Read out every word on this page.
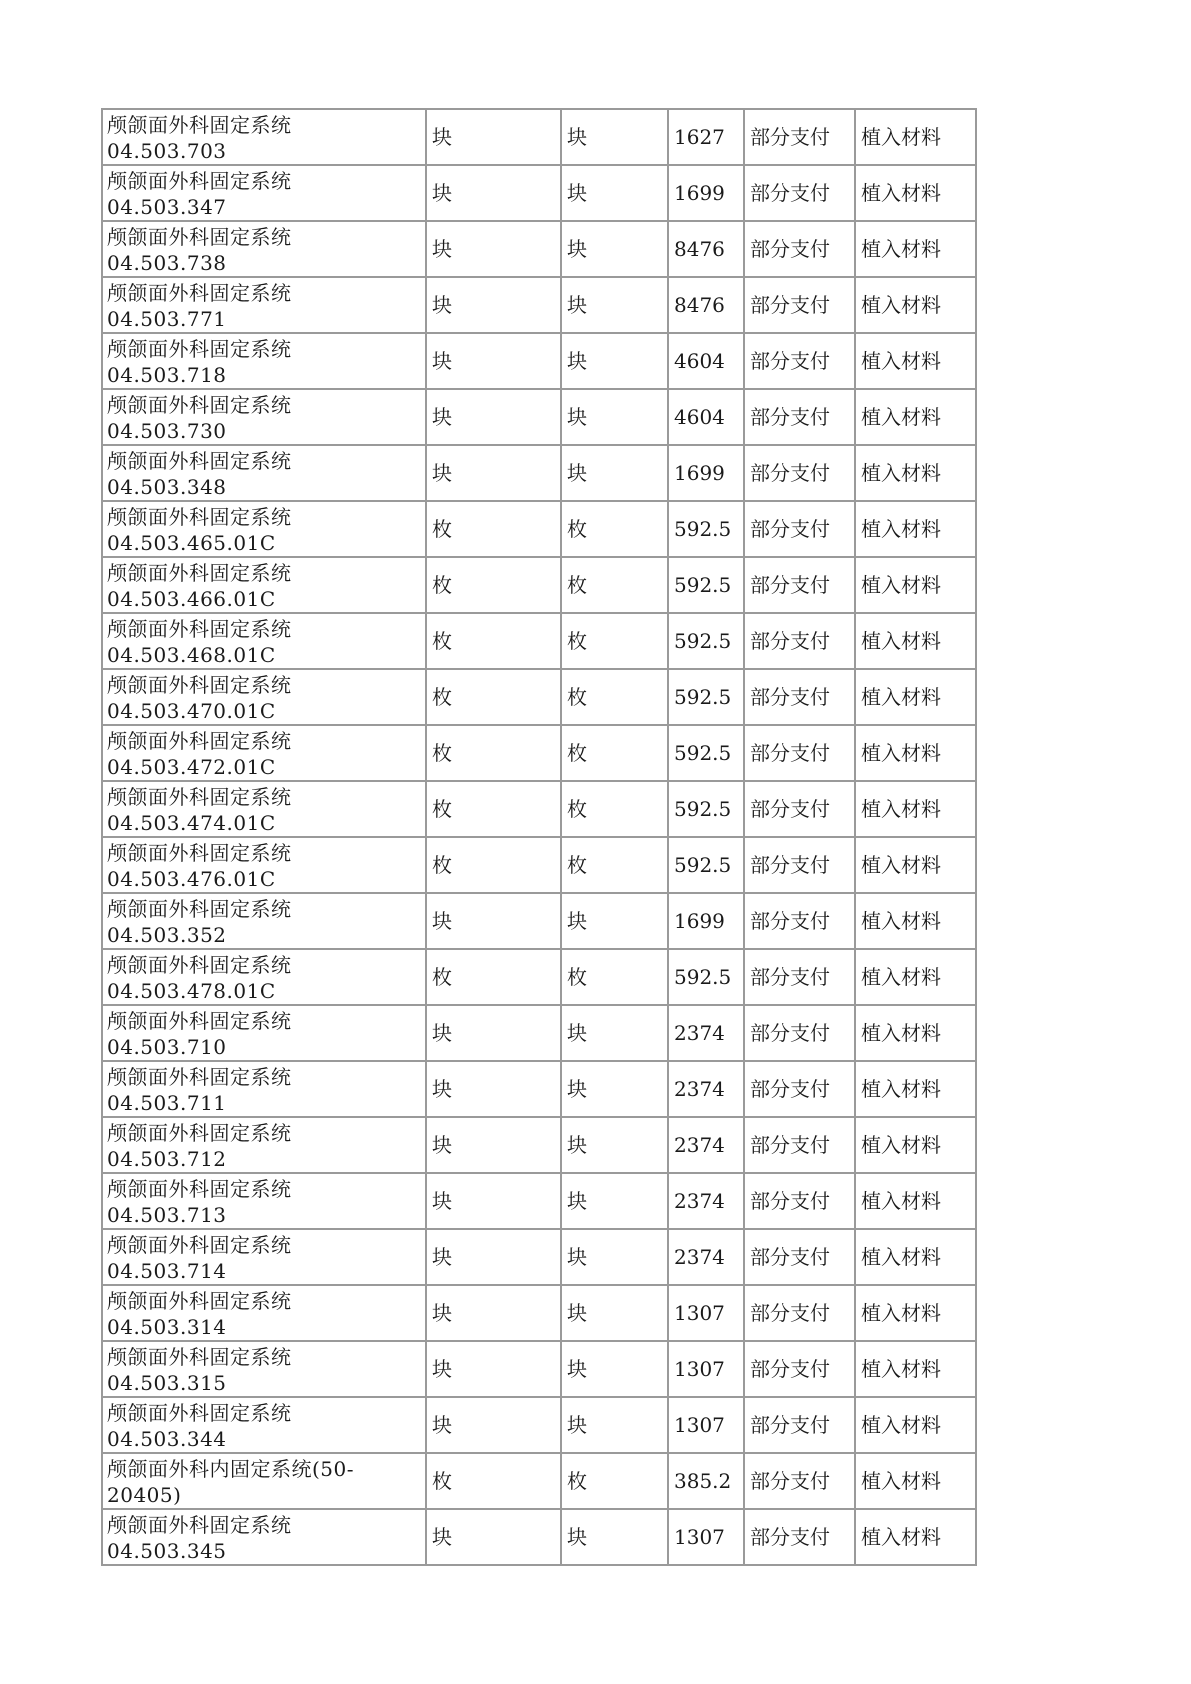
颅颌面外科固定系统
04.503.703	块	块	1627	部分支付	植入材料

颅颌面外科固定系统
04.503.347	块	块	1699	部分支付	植入材料

颅颌面外科固定系统
04.503.738	块	块	8476	部分支付	植入材料

颅颌面外科固定系统
04.503.771	块	块	8476	部分支付	植入材料

颅颌面外科固定系统
04.503.718	块	块	4604	部分支付	植入材料

颅颌面外科固定系统
04.503.730	块	块	4604	部分支付	植入材料

颅颌面外科固定系统
04.503.348	块	块	1699	部分支付	植入材料

颅颌面外科固定系统
04.503.465.01C	枚	枚	592.5	部分支付	植入材料

颅颌面外科固定系统
04.503.466.01C	枚	枚	592.5	部分支付	植入材料

颅颌面外科固定系统
04.503.468.01C	枚	枚	592.5	部分支付	植入材料

颅颌面外科固定系统
04.503.470.01C	枚	枚	592.5	部分支付	植入材料

颅颌面外科固定系统
04.503.472.01C	枚	枚	592.5	部分支付	植入材料

颅颌面外科固定系统
04.503.474.01C	枚	枚	592.5	部分支付	植入材料

颅颌面外科固定系统
04.503.476.01C	枚	枚	592.5	部分支付	植入材料

颅颌面外科固定系统
04.503.352	块	块	1699	部分支付	植入材料

颅颌面外科固定系统
04.503.478.01C	枚	枚	592.5	部分支付	植入材料

颅颌面外科固定系统
04.503.710	块	块	2374	部分支付	植入材料

颅颌面外科固定系统
04.503.711	块	块	2374	部分支付	植入材料

颅颌面外科固定系统
04.503.712	块	块	2374	部分支付	植入材料

颅颌面外科固定系统
04.503.713	块	块	2374	部分支付	植入材料

颅颌面外科固定系统
04.503.714	块	块	2374	部分支付	植入材料

颅颌面外科固定系统
04.503.314	块	块	1307	部分支付	植入材料

颅颌面外科固定系统
04.503.315	块	块	1307	部分支付	植入材料

颅颌面外科固定系统
04.503.344	块	块	1307	部分支付	植入材料

颅颌面外科内固定系统(50-
20405)	枚	枚	385.2	部分支付	植入材料

颅颌面外科固定系统
04.503.345	块	块	1307	部分支付	植入材料
